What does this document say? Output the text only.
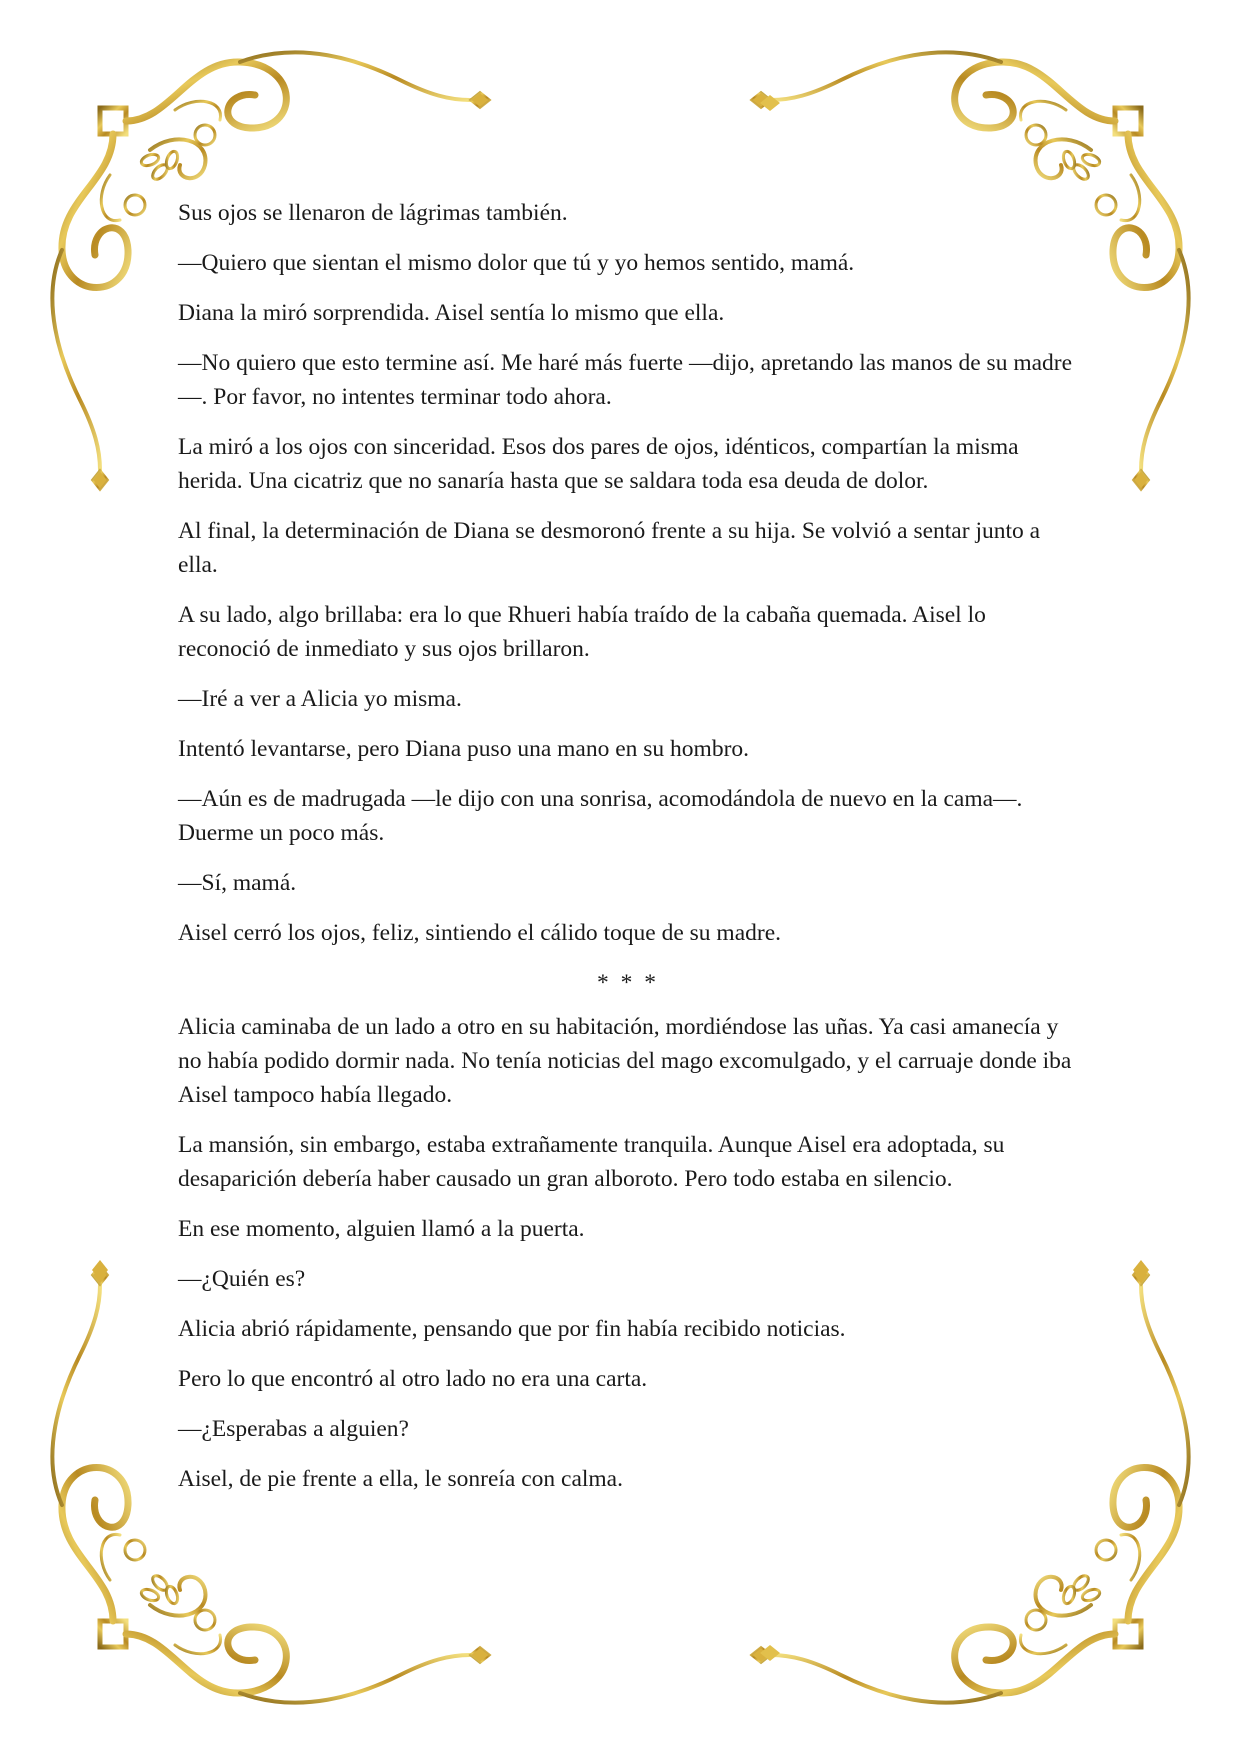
Sus ojos se llenaron de lágrimas también.

—Quiero que sientan el mismo dolor que tú y yo hemos sentido, mamá.

Diana la miró sorprendida. Aisel sentía lo mismo que ella.

—No quiero que esto termine así. Me haré más fuerte —dijo, apretando las manos de su madre—. Por favor, no intentes terminar todo ahora.

La miró a los ojos con sinceridad. Esos dos pares de ojos, idénticos, compartían la misma herida. Una cicatriz que no sanaría hasta que se saldara toda esa deuda de dolor.

Al final, la determinación de Diana se desmoronó frente a su hija. Se volvió a sentar junto a ella.

A su lado, algo brillaba: era lo que Rhueri había traído de la cabaña quemada. Aisel lo reconoció de inmediato y sus ojos brillaron.

—Iré a ver a Alicia yo misma.

Intentó levantarse, pero Diana puso una mano en su hombro.

—Aún es de madrugada —le dijo con una sonrisa, acomodándola de nuevo en la cama—. Duerme un poco más.

—Sí, mamá.

Aisel cerró los ojos, feliz, sintiendo el cálido toque de su madre.

* * *

Alicia caminaba de un lado a otro en su habitación, mordiéndose las uñas. Ya casi amanecía y no había podido dormir nada. No tenía noticias del mago excomulgado, y el carruaje donde iba Aisel tampoco había llegado.

La mansión, sin embargo, estaba extrañamente tranquila. Aunque Aisel era adoptada, su desaparición debería haber causado un gran alboroto. Pero todo estaba en silencio.

En ese momento, alguien llamó a la puerta.

—¿Quién es?

Alicia abrió rápidamente, pensando que por fin había recibido noticias.

Pero lo que encontró al otro lado no era una carta.

—¿Esperabas a alguien?

Aisel, de pie frente a ella, le sonreía con calma.
